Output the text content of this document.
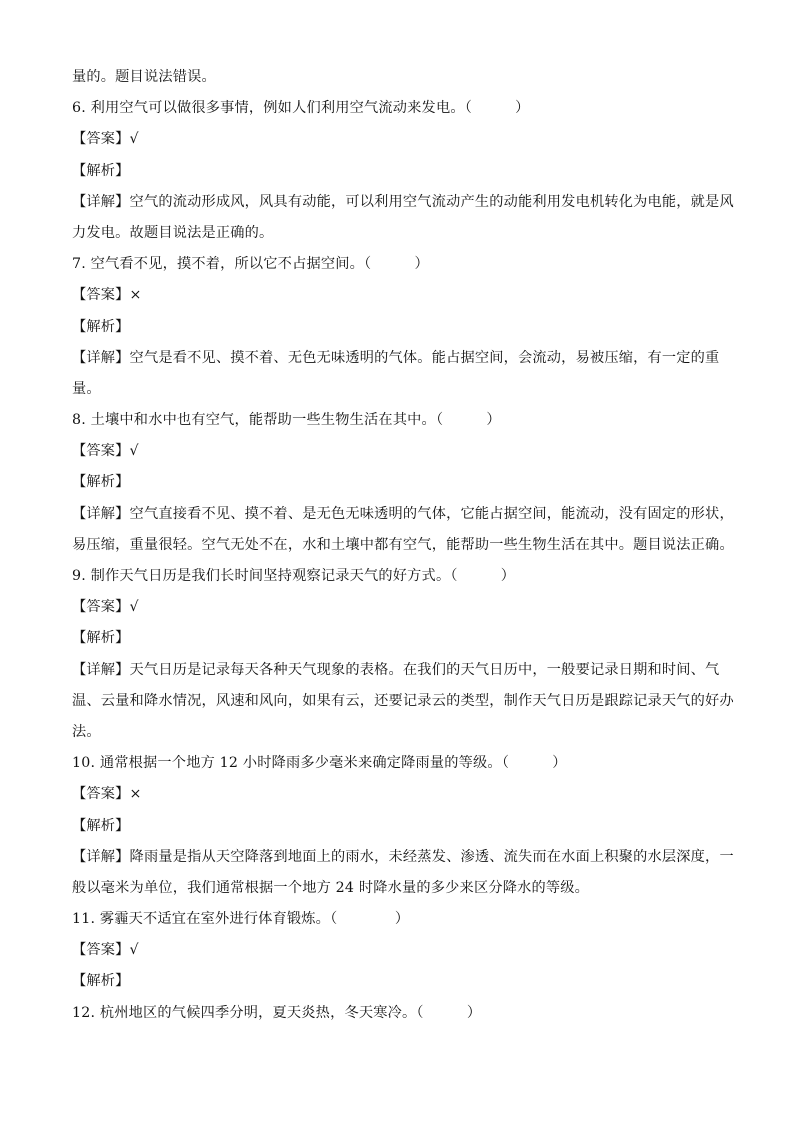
量的。题目说法错误。
6. 利用空气可以做很多事情，例如人们利用空气流动来发电。（　　　）
【答案】√
【解析】
【详解】空气的流动形成风，风具有动能，可以利用空气流动产生的动能利用发电机转化为电能，就是风
力发电。故题目说法是正确的。
7. 空气看不见，摸不着，所以它不占据空间。（　　　）
【答案】×
【解析】
【详解】空气是看不见、摸不着、无色无味透明的气体。能占据空间，会流动，易被压缩，有一定的重
量。
8. 土壤中和水中也有空气，能帮助一些生物生活在其中。（　　　）
【答案】√
【解析】
【详解】空气直接看不见、摸不着、是无色无味透明的气体，它能占据空间，能流动，没有固定的形状，
易压缩，重量很轻。空气无处不在，水和土壤中都有空气，能帮助一些生物生活在其中。题目说法正确。
9. 制作天气日历是我们长时间坚持观察记录天气的好方式。（　　　）
【答案】√
【解析】
【详解】天气日历是记录每天各种天气现象的表格。在我们的天气日历中，一般要记录日期和时间、气
温、云量和降水情况，风速和风向，如果有云，还要记录云的类型，制作天气日历是跟踪记录天气的好办
法。
10. 通常根据一个地方 12 小时降雨多少毫米来确定降雨量的等级。（　　　）
【答案】×
【解析】
【详解】降雨量是指从天空降落到地面上的雨水，未经蒸发、渗透、流失而在水面上积聚的水层深度，一
般以毫米为单位，我们通常根据一个地方 24 时降水量的多少来区分降水的等级。
11. 雾霾天不适宜在室外进行体育锻炼。（　　　　）
【答案】√
【解析】
12. 杭州地区的气候四季分明，夏天炎热，冬天寒冷。（　　　）
